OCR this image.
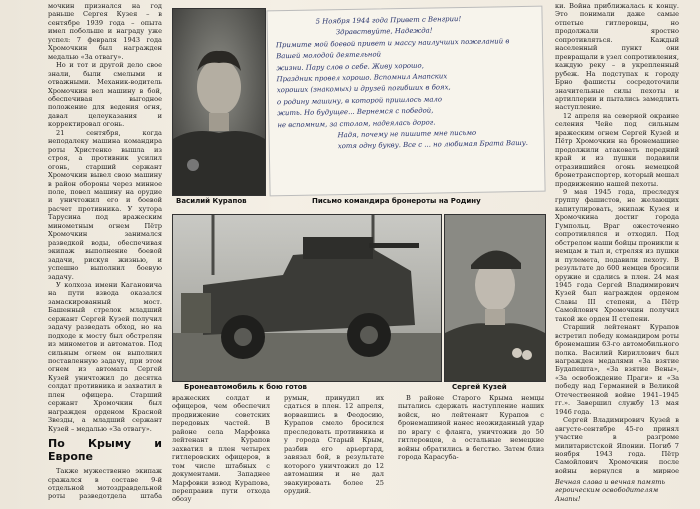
мочкин признался на год раньше Сергея Кузея – в сентябре 1939 года – опыта имел побольше и награду уже успел: 7 февраля 1943 года Хромочкин был награжден медалью «За отвагу».

Но и тот и другой дело свое знали, были смелыми и отважными. Механик-водитель Хромочкин вел машину в бой, обеспечивая выгодное положение для ведения огня, давал целеуказания и корректировал огонь.

21 сентября, когда неподалеку машина командира роты Христенко вышла из строя, а противник усилил огонь, старший сержант Хромочкин вывел свою машину в район обороны через минное поле, повел машину на орудие и уничтожил его и боевой расчет противника. У хутора Тарусина под вражеским минометным огнем Пётр Хромочкин занимался разведкой воды, обеспечивая экипаж выполнение боевой задачи, рискуя жизнью, и успешно выполнил боевую задачу.

У колхоза имени Кагановича на пути взвода оказался замаскированный мост. Башенный стрелок младший сержант Сергей Кузей получил задачу разведать обход, но на подходе к мосту был обстрелян из минометов и автоматов. Под сильным огнем он выполнил поставленную задачу, при этом огнем из автомата Сергей Кузей уничтожил до десятка солдат противника и захватил в плен офицера. Старший сержант Хромочкин был награжден орденом Красной Звезды, а младший сержант Кузей – медалью «За отвагу».

По Крыму и Европе

Также мужественно экипаж сражался в составе 9-й отдельной мотоздравдельной роты разведотдела штаба

Василий Курапов

5 Ноября 1944 года Привет с Венгрии!

Здравствуйте, Надежда!

Примите мой боевой привет и массу наилучших пожеланий в Вашей молодой деятельной

жизни. Пару слов о себе. Живу хорошо,

Праздник провел хорошо. Вспомнил Анапских

хороших (знакомых) и друзей погибших в боях,

о родину машину, в которой пришлось мало

жить. Но будущее... Вернемся с победой,

не вспомним, за столом, надеялась дорог.

Надя, почему не пишите мне письмо

хотя одну букву. Все с ... но любимая Брата Вашу.

Письмо командира бронероты на Родину
Бронеавтомобиль к бою готов	Сергей Кузей

вражеских солдат и офицеров, чем обеспечил продвижение советских передовых частей. В районе села Марфовка лейтенант Курапов захватил в плен четырех гитлеровских офицеров, в том числе штабных с документами. Западнее Марфовки взвод Курапова, переправив пути отхода обозу

румын, принудил их сдаться в плен. 12 апреля, ворвавшись в Феодосию, Курапов смело бросился преследовать противника и у города Старый Крым, разбив его арьергард, завязал бой, в результате которого уничтожил до 12 автомашин и не дал эвакуировать более 25 орудий.

В районе Старого Крыма немцы пытались сдержать наступление наших войск, но лейтенант Курапов с бронемашиной нанес неожиданный удар по врагу с фланга, уничтожив до 50 гитлеровцев, а остальные немецкие войны обратились в бегство. Затем близ города Карасуба-

ки. Война приближалась к концу. Это понимали даже самые отпетые гитлеровцы, но продолжали яростно сопротивляться. Каждый населенный пункт они превращали в узел сопротивления, каждую реку – в укрепленный рубеж. На подступах к городу Брно фашисты сосредоточили значительные силы пехоты и артиллерии и пытались замедлить наступление.

12 апреля на северной окраине селения Чейе под сильным вражеским огнем Сергей Кузей и Пётр Хромочкин на бронемашине продолжили атаковать передний край и из пушки подавили отразившийся огонь немецкой бронетранспортер, который мешал продвижению нашей пехоты.

9 мая 1945 года, преследуя группу фашистов, не желающих капитулировать, экипаж Кузея и Хромочкина достиг города Гумпольц. Враг ожесточенно сопротивлялся и отходил. Под обстрелом наши бойцы проникли к немцам в тыл и, стреляя из пушки и пулемета, подавили пехоту. В результате до 600 немцев бросили оружие и сдались в плен. 24 мая 1945 года Сергей Владимирович Кузей был награжден орденом Славы III степени, а Пётр Самойлович Хромочкин получил такой же орден II степени.

Старший лейтенант Курапов встретил победу командиром роты бронемашин 63-го автомобильного полка. Василий Кириллович был награжден медалями «За взятие Будапешта», «За взятие Вены», «За освобождение Праги» и «За победу над Германией в Великой Отечественной войне 1941–1945 гг.». Завершил службу 13 мая 1946 года.

Сергей Владимирович Кузей в августе-сентябре 45-го принял участие в разгроме милитаристской Японии. Погиб 7 ноября 1943 года. Пётр Самойлович Хромочкин после войны вернулся в мирное

Вечная слава и вечная память героическим освободителям Анапы!
